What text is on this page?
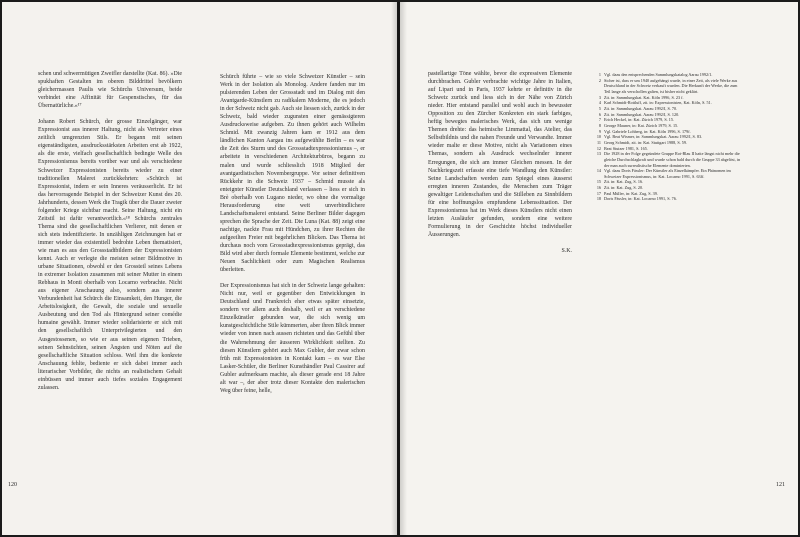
schen und schwermütigen Zweifler darstellte (Kat. 86). »Die spukhaften Gestalten im oberen Bilddrittel bevölkern gleichermassen Paulis wie Schürchs Universum, beide verbindet eine Affinität für Gespenstisches, für das Übernatürliche.«¹⁷

Johann Robert Schürch, der grosse Einzelgänger, war Expressionist aus innerer Haltung, nicht als Vertreter eines zeitlich umgrenzten Stils. Er begann mit seinen eigenständigsten, ausdrucksstärksten Arbeiten erst ab 1922, als die erste, vielfach gesellschaftlich bedingte Welle des Expressionismus bereits vorüber war und als verschiedene Schweizer Expressionisten bereits wieder zu einer traditionellen Malerei zurückkehrten: »Schürch ist Expressionist, indem er sein Inneres veräusserlicht. Er ist das hervorragende Beispiel in der Schweizer Kunst des 20. Jahrhunderts, dessen Werk die Tragik über die Dauer zweier folgender Kriege sichtbar macht. Seine Haltung, nicht ein Zeitstil ist dafür verantwortlich.«¹⁸ Schürchs zentrales Thema sind die gesellschaftlichen Verlierer, mit denen er sich stets indentifizierte. In unzähligen Zeichnungen hat er immer wieder das existentiell bedrohte Leben thematisiert, wie man es aus den Grossstadtbildern der Expressionisten kennt. Auch er verlegte die meisten seiner Bildmotive in urbane Situationen, obwohl er den Grossteil seines Lebens in extremer Isolation zusammen mit seiner Mutter in einem Rebhaus in Monti oberhalb von Locarno verbrachte. Nicht aus eigener Anschauung also, sondern aus innerer Verbundenheit hat Schürch die Einsamkeit, den Hunger, die Arbeitslosigkeit, die Gewalt, die soziale und sexuelle Ausbeutung und den Tod als Hintergrund seiner comédie humaine gewählt. Immer wieder solidarisierte er sich mit den gesellschaftlich Unterprivilegierten und den Ausgestossenen, so wie er aus seinen eigenen Trieben, seinen Sehnsüchten, seinen Ängsten und Nöten auf die gesellschaftliche Situation schloss. Weil ihm die konkrete Anschauung fehlte, bediente er sich dabei immer auch literarischer Vorbilder, die nichts an realistischem Gehalt einbüssen und immer auch tiefes soziales Engagement zulassen.

Schürch führte – wie so viele Schweizer Künstler – sein Werk in der Isolation als Monolog. Andere fanden nur im pulsierenden Leben der Grossstadt und im Dialog mit den Avantgarde-Künstlern zu radikalem Moderne, die es jedoch in der Schweiz nicht gab. Auch sie liessen sich, zurück in der Schweiz, bald wieder zugunsten einer gemässigteren Ausdrucksweise aufgeben. Zu ihnen gehört auch Wilhelm Schmid. Mit zwanzig Jahren kam er 1912 aus dem ländlichen Kanton Aargau ins aufgewühlte Berlin – es war die Zeit des Sturm und des Grossstadtexpressionismus –, er arbeitete in verschiedenen Architekturbüros, begann zu malen und wurde schliesslich 1918 Mitglied der avantgardistischen Novembergruppe. Vor seiner definitiven Rückkehr in die Schweiz 1937 – Schmid musste als enteignter Künstler Deutschland verlassen – liess er sich in Brè oberhalb von Lugano nieder, wo ohne die vormalige Herausforderung eine weit unverbindlichere Landschaftsmalerei entstand. Seine Berliner Bilder dagegen sprechen die Sprache der Zeit. Die Luna (Kat. 88) zeigt eine nachtige, nackte Frau mit Hündchen, zu ihrer Rechten die aufgeeilten Freier mit begehrlichen Blicken. Das Thema ist durchaus noch vom Grossstadtexpressionismus geprägt, das Bild wird aber durch formale Elemente bestimmt, welche zur Neuen Sachlichkeit oder zum Magischen Realismus überleiten.

Der Expressionismus hat sich in der Schweiz lange gehalten: Nicht nur, weil er gegenüber den Entwicklungen in Deutschland und Frankreich eher etwas später einsetzte, sondern vor allem auch deshalb, weil er an verschiedene Einzelkünstler gebunden war, die sich wenig um kunstgeschichtliche Stile kümmerten, aber ihren Blick immer wieder von innen nach aussen richteten und das Gefühl über die Wahrnehmung der äusseren Wirklichkeit stellten. Zu diesen Künstlern gehört auch Max Gubler, der zwar schon früh mit Expressionisten in Kontakt kam – es war Else Lasker-Schüler, die Berliner Kunsthändler Paul Cassirer auf Gubler aufmerksam machte, als dieser gerade erst 18 Jahre alt war –, der aber trotz dieser Kontakte den malerischen Weg über feine, helle,

120

pastellartige Töne wählte, bevor die expressiven Elemente durchbrachen. Gubler verbrachte wichtige Jahre in Italien, auf Lipari und in Paris, 1937 kehrte er definitiv in die Schweiz zurück und liess sich in der Nähe von Zürich nieder. Hier entstand parallel und wohl auch in bewusster Opposition zu den Zürcher Konkreten ein stark farbiges, heftig bewegtes malerisches Werk, das sich um wenige Themen drehte: das heimische Limmattal, das Atelier, das Selbstbildnis und die nahen Freunde und Verwandte. Immer wieder malte er diese Motive, nicht als Variationen eines Themas, sondern als Ausdruck wechselnder innerer Erregungen, die sich am immer Gleichen messen. In der Nachkriegszeit erfasste eine tiefe Wandlung den Künstler: Seine Landschaften werden zum Spiegel eines äusserst erregten inneren Zustandes, die Menschen zum Träger gewaltiger Leidenschaften und die Stilleben zu Sinnbildern für eine hoffnungslos empfundene Lebenssituation. Der Expressionismus hat im Werk dieses Künstlers nicht einen letzten Ausläufer gefunden, sondern eine weitere Formulierung in der Geschichte höchst individueller Äusserungen.

S.K.
1 Vgl. dazu den entsprechenden Sammlungskatalog Aarau 1992/1.
2 Sicher ist, dass er um 1940 aufgehängt wurde, in einer Zeit, als viele Werke aus Deutschland in der Schweiz verkauft wurden. Die Herkunft der Werke, die zum Teil lange als verschollen galten, ist bisher nicht geklärt.
3 Zit. in: Sammlungskat. Kat. Köln 1996, S. 23 f.
4 Karl Schmidt-Rottluff, zit. in: Expressionisten, Kat. Köln, S. 51.
5 Zit. in: Sammlungskat. Aarau 1992/I, S. 70.
6 Zit. in: Sammlungskat. Aarau 1992/I, S. 120.
7 Erich Heckel, in: Kat. Zürich 1979, S. 15.
8 George Mauner, in: Kat. Zürich 1979, S. 15.
9 Vgl. Gabriele Lohberg, in: Kat. Köln 1996, S. 179f.
10 Vgl. Beat Wismer, in: Sammlungskat. Aarau 1992/I, S. 83.
11 Georg Schmidt, zit. in: Kat. Stuttgart 1988, S. 59.
12 Beat Stutzer 1981, S. 165.
13 Die 1928 in der Folge gegründete Gruppe Rot-Blau II hatte längst nicht mehr die gleiche Durchschlagkraft und wurde schon bald durch die Gruppe 33 abgelöst, in der man auch surrealistische Elemente dominierten.
14 Vgl. dazu Doris Fässler: Der Künstler als Einzelkämpfer. Ein Phänomen im Schweizer Expressionismus, in: Kat. Locarno 1991, S. 63ff.
15 Zit. in: Kat. Zug, S. 16.
16 Zit. in: Kat. Zug, S. 20.
17 Paul Müller, in: Kat. Zug, S. 39.
18 Doris Fässler, in: Kat. Locarno 1991, S. 76.
121
